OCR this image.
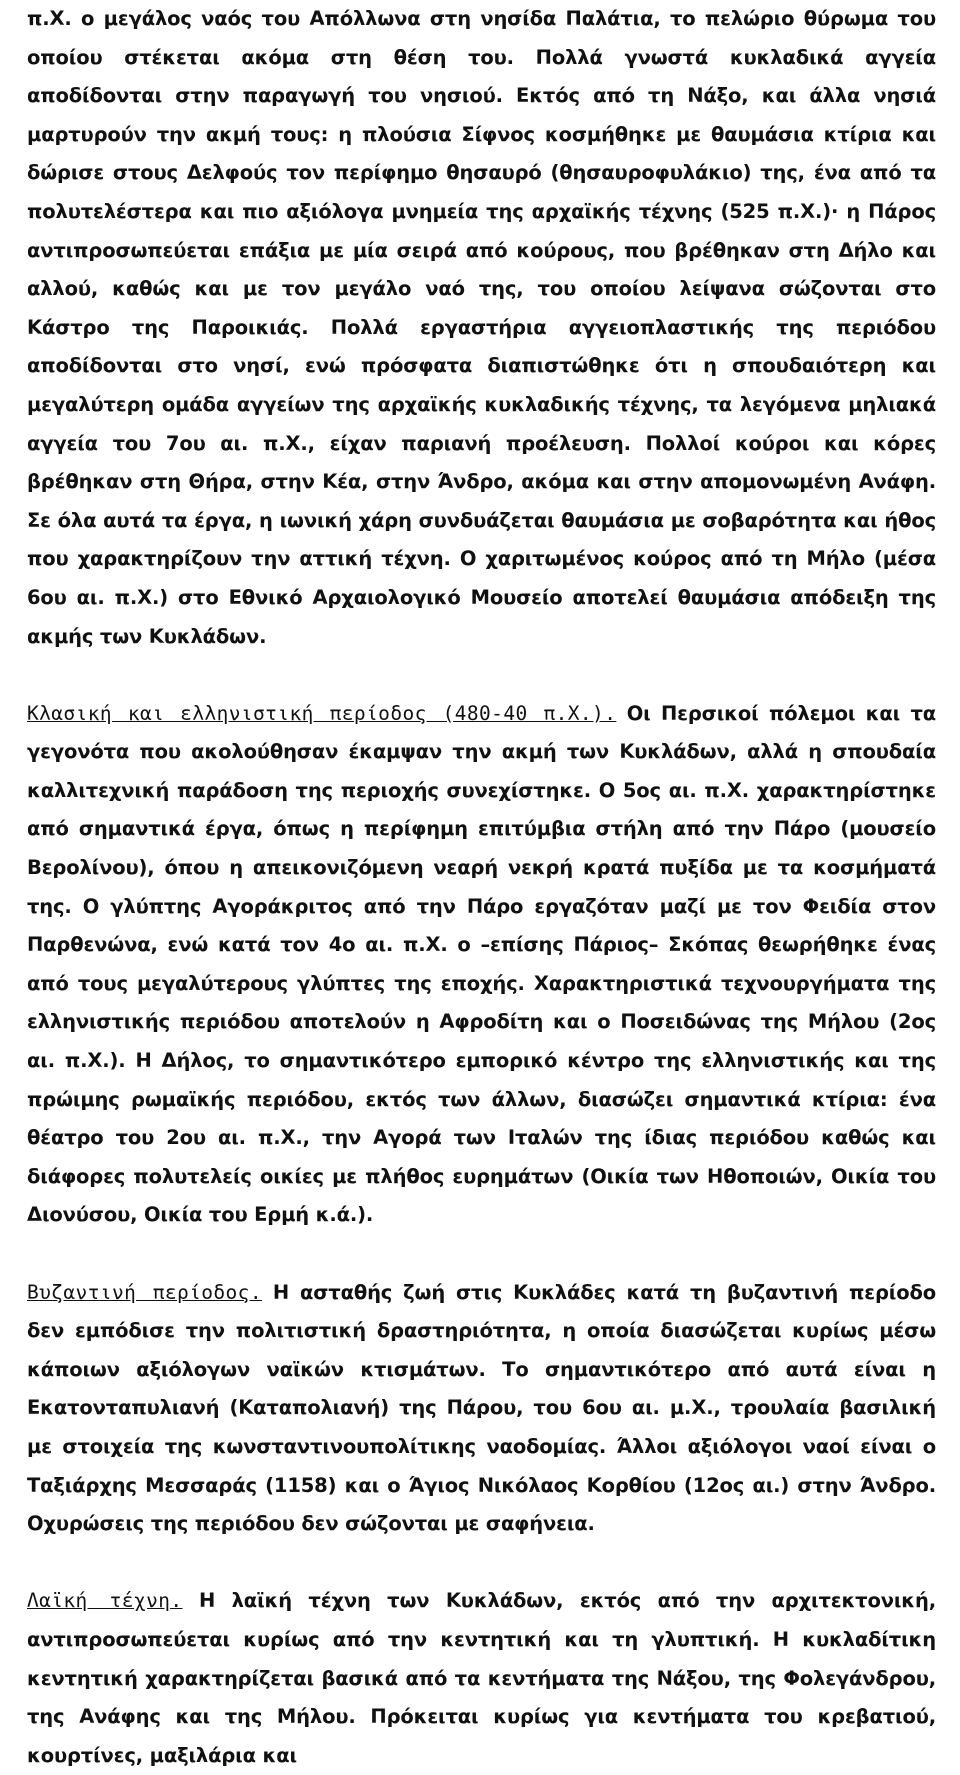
π.Χ. ο μεγάλος ναός του Απόλλωνα στη νησίδα Παλάτια, το πελώριο θύρωμα του οποίου στέκεται ακόμα στη θέση του. Πολλά γνωστά κυκλαδικά αγγεία αποδίδονται στην παραγωγή του νησιού. Εκτός από τη Νάξο, και άλλα νησιά μαρτυρούν την ακμή τους: η πλούσια Σίφνος κοσμήθηκε με θαυμάσια κτίρια και δώρισε στους Δελφούς τον περίφημο θησαυρό (θησαυροφυλάκιο) της, ένα από τα πολυτελέστερα και πιο αξιόλογα μνημεία της αρχαϊκής τέχνης (525 π.Χ.)· η Πάρος αντιπροσωπεύεται επάξια με μία σειρά από κούρους, που βρέθηκαν στη Δήλο και αλλού, καθώς και με τον μεγάλο ναό της, του οποίου λείψανα σώζονται στο Κάστρο της Παροικιάς. Πολλά εργαστήρια αγγειοπλαστικής της περιόδου αποδίδονται στο νησί, ενώ πρόσφατα διαπιστώθηκε ότι η σπουδαιότερη και μεγαλύτερη ομάδα αγγείων της αρχαϊκής κυκλαδικής τέχνης, τα λεγόμενα μηλιακά αγγεία του 7ου αι. π.Χ., είχαν παριανή προέλευση. Πολλοί κούροι και κόρες βρέθηκαν στη Θήρα, στην Κέα, στην Άνδρο, ακόμα και στην απομονωμένη Ανάφη. Σε όλα αυτά τα έργα, η ιωνική χάρη συνδυάζεται θαυμάσια με σοβαρότητα και ήθος που χαρακτηρίζουν την αττική τέχνη. Ο χαριτωμένος κούρος από τη Μήλο (μέσα 6ου αι. π.Χ.) στο Εθνικό Αρχαιολογικό Μουσείο αποτελεί θαυμάσια απόδειξη της ακμής των Κυκλάδων.

Κλασική και ελληνιστική περίοδος (480-40 π.Χ.). Οι Περσικοί πόλεμοι και τα γεγονότα που ακολούθησαν έκαμψαν την ακμή των Κυκλάδων, αλλά η σπουδαία καλλιτεχνική παράδοση της περιοχής συνεχίστηκε. Ο 5ος αι. π.Χ. χαρακτηρίστηκε από σημαντικά έργα, όπως η περίφημη επιτύμβια στήλη από την Πάρο (μουσείο Βερολίνου), όπου η απεικονιζόμενη νεαρή νεκρή κρατά πυξίδα με τα κοσμήματά της. Ο γλύπτης Αγοράκριτος από την Πάρο εργαζόταν μαζί με τον Φειδία στον Παρθενώνα, ενώ κατά τον 4ο αι. π.Χ. ο –επίσης Πάριος– Σκόπας θεωρήθηκε ένας από τους μεγαλύτερους γλύπτες της εποχής. Χαρακτηριστικά τεχνουργήματα της ελληνιστικής περιόδου αποτελούν η Αφροδίτη και ο Ποσειδώνας της Μήλου (2ος αι. π.Χ.). Η Δήλος, το σημαντικότερο εμπορικό κέντρο της ελληνιστικής και της πρώιμης ρωμαϊκής περιόδου, εκτός των άλλων, διασώζει σημαντικά κτίρια: ένα θέατρο του 2ου αι. π.Χ., την Αγορά των Ιταλών της ίδιας περιόδου καθώς και διάφορες πολυτελείς οικίες με πλήθος ευρημάτων (Οικία των Ηθοποιών, Οικία του Διονύσου, Οικία του Ερμή κ.ά.).

Βυζαντινή περίοδος. Η ασταθής ζωή στις Κυκλάδες κατά τη βυζαντινή περίοδο δεν εμπόδισε την πολιτιστική δραστηριότητα, η οποία διασώζεται κυρίως μέσω κάποιων αξιόλογων ναϊκών κτισμάτων. Το σημαντικότερο από αυτά είναι η Εκατονταπυλιανή (Καταπολιανή) της Πάρου, του 6ου αι. μ.Χ., τρουλαία βασιλική με στοιχεία της κωνσταντινουπολίτικης ναοδομίας. Άλλοι αξιόλογοι ναοί είναι ο Ταξιάρχης Μεσσαράς (1158) και ο Άγιος Νικόλαος Κορθίου (12ος αι.) στην Άνδρο. Οχυρώσεις της περιόδου δεν σώζονται με σαφήνεια.

Λαϊκή τέχνη. Η λαϊκή τέχνη των Κυκλάδων, εκτός από την αρχιτεκτονική, αντιπροσωπεύεται κυρίως από την κεντητική και τη γλυπτική. Η κυκλαδίτικη κεντητική χαρακτηρίζεται βασικά από τα κεντήματα της Νάξου, της Φολεγάνδρου, της Ανάφης και της Μήλου. Πρόκειται κυρίως για κεντήματα του κρεβατιού, κουρτίνες, μαξιλάρια και
